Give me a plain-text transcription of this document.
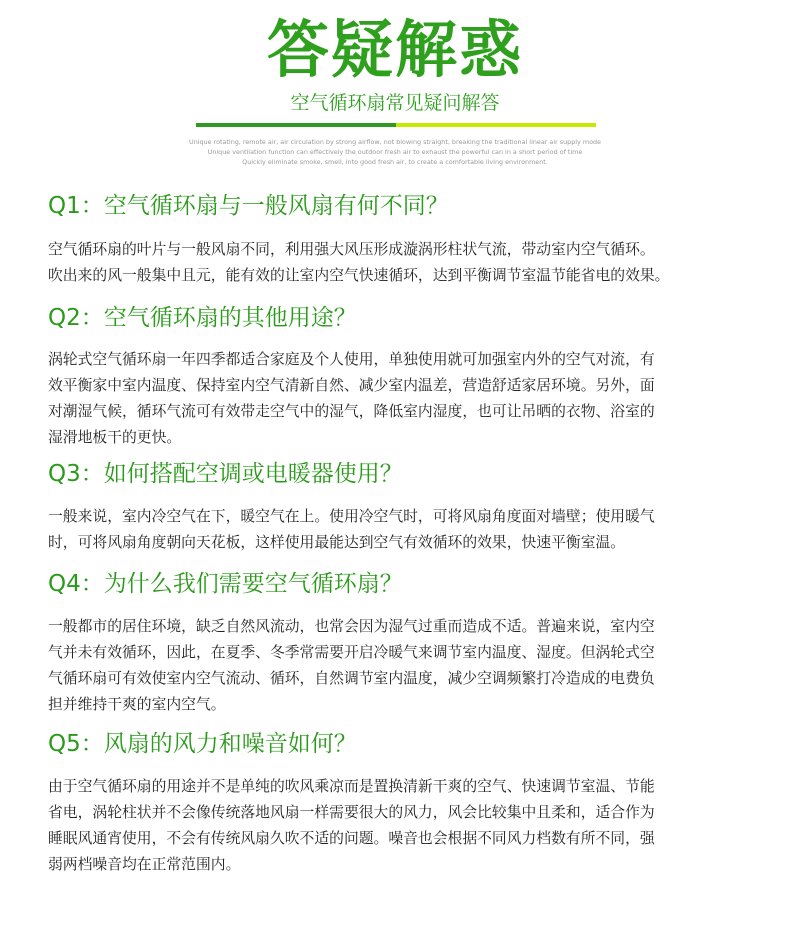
答疑解惑
空气循环扇常见疑问解答
Unique rotating, remote air, air circulation by strong airflow, not blowing straight, breaking the traditional linear air supply mode
Unique ventilation function can effectively the outdoor fresh air to exhaust the powerful can in a short period of time
Quickly eliminate smoke, smell, into good fresh air, to create a comfortable living environment.
Q1：空气循环扇与一般风扇有何不同？
空气循环扇的叶片与一般风扇不同，利用强大风压形成漩涡形柱状气流，带动室内空气循环。
吹出来的风一般集中且元，能有效的让室内空气快速循环，达到平衡调节室温节能省电的效果。
Q2：空气循环扇的其他用途？
涡轮式空气循环扇一年四季都适合家庭及个人使用，单独使用就可加强室内外的空气对流，有
效平衡家中室内温度、保持室内空气清新自然、减少室内温差，营造舒适家居环境。另外，面
对潮湿气候，循环气流可有效带走空气中的湿气，降低室内湿度，也可让吊晒的衣物、浴室的
湿滑地板干的更快。
Q3：如何搭配空调或电暖器使用？
一般来说，室内冷空气在下，暖空气在上。使用冷空气时，可将风扇角度面对墙壁；使用暖气
时，可将风扇角度朝向天花板，这样使用最能达到空气有效循环的效果，快速平衡室温。
Q4：为什么我们需要空气循环扇？
一般都市的居住环境，缺乏自然风流动，也常会因为湿气过重而造成不适。普遍来说，室内空
气并未有效循环，因此，在夏季、冬季常需要开启冷暖气来调节室内温度、湿度。但涡轮式空
气循环扇可有效使室内空气流动、循环，自然调节室内温度，减少空调频繁打冷造成的电费负
担并维持干爽的室内空气。
Q5：风扇的风力和噪音如何？
由于空气循环扇的用途并不是单纯的吹风乘凉而是置换清新干爽的空气、快速调节室温、节能
省电，涡轮柱状并不会像传统落地风扇一样需要很大的风力，风会比较集中且柔和，适合作为
睡眠风通宵使用，不会有传统风扇久吹不适的问题。噪音也会根据不同风力档数有所不同，强
弱两档噪音均在正常范围内。
